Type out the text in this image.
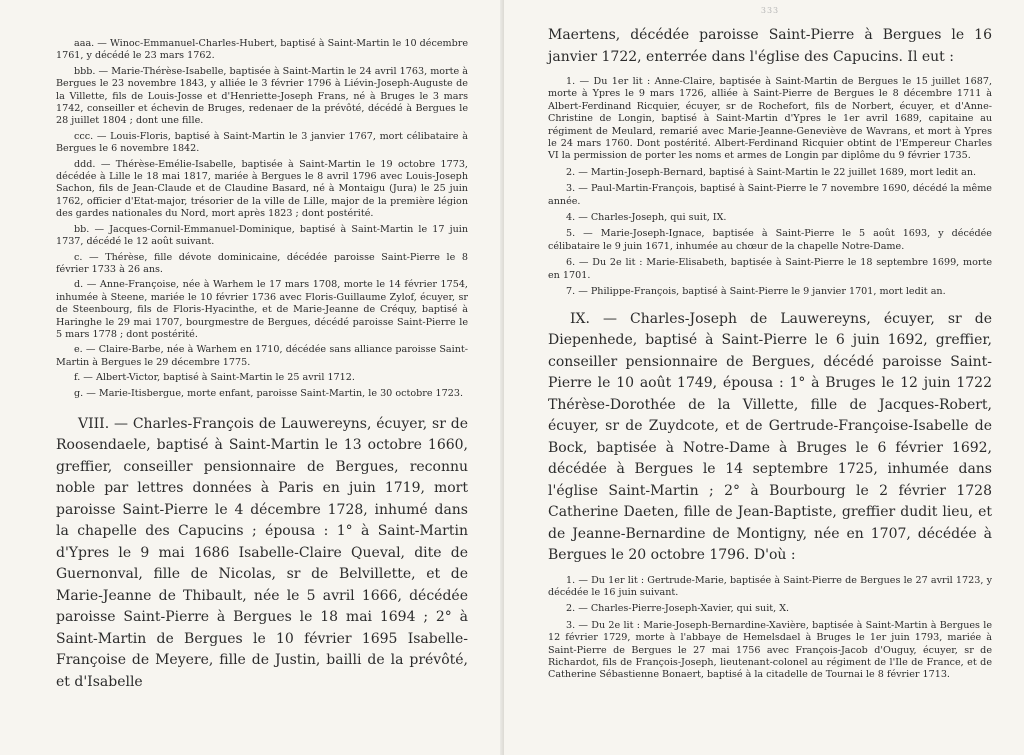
aaa. — Winoc-Emmanuel-Charles-Hubert, baptisé à Saint-Martin le 10 décembre 1761, y décédé le 23 mars 1762.

bbb. — Marie-Thérèse-Isabelle, baptisée à Saint-Martin le 24 avril 1763, morte à Bergues le 23 novembre 1843, y alliée le 3 février 1796 à Liévin-Joseph-Auguste de la Villette, fils de Louis-Josse et d'Henriette-Joseph Frans, né à Bruges le 3 mars 1742, conseiller et échevin de Bruges, redenaer de la prévôté, décédé à Bergues le 28 juillet 1804 ; dont une fille.

ccc. — Louis-Floris, baptisé à Saint-Martin le 3 janvier 1767, mort célibataire à Bergues le 6 novembre 1842.

ddd. — Thérèse-Emélie-Isabelle, baptisée à Saint-Martin le 19 octobre 1773, décédée à Lille le 18 mai 1817, mariée à Bergues le 8 avril 1796 avec Louis-Joseph Sachon, fils de Jean-Claude et de Claudine Basard, né à Montaigu (Jura) le 25 juin 1762, officier d'Etat-major, trésorier de la ville de Lille, major de la première légion des gardes nationales du Nord, mort après 1823 ; dont postérité.

bb. — Jacques-Cornil-Emmanuel-Dominique, baptisé à Saint-Martin le 17 juin 1737, décédé le 12 août suivant.

c. — Thérèse, fille dévote dominicaine, décédée paroisse Saint-Pierre le 8 février 1733 à 26 ans.

d. — Anne-Françoise, née à Warhem le 17 mars 1708, morte le 14 février 1754, inhumée à Steene, mariée le 10 février 1736 avec Floris-Guillaume Zylof, écuyer, sr de Steenbourg, fils de Floris-Hyacinthe, et de Marie-Jeanne de Créquy, baptisé à Haringhe le 29 mai 1707, bourgmestre de Bergues, décédé paroisse Saint-Pierre le 5 mars 1778 ; dont postérité.

e. — Claire-Barbe, née à Warhem en 1710, décédée sans alliance paroisse Saint-Martin à Bergues le 29 décembre 1775.

f. — Albert-Victor, baptisé à Saint-Martin le 25 avril 1712.

g. — Marie-Itisbergue, morte enfant, paroisse Saint-Martin, le 30 octobre 1723.

VIII. — Charles-François de Lauwereyns, écuyer, sr de Roosendaele, baptisé à Saint-Martin le 13 octobre 1660, greffier, conseiller pensionnaire de Bergues, reconnu noble par lettres données à Paris en juin 1719, mort paroisse Saint-Pierre le 4 décembre 1728, inhumé dans la chapelle des Capucins ; épousa : 1° à Saint-Martin d'Ypres le 9 mai 1686 Isabelle-Claire Queval, dite de Guernonval, fille de Nicolas, sr de Belvillette, et de Marie-Jeanne de Thibault, née le 5 avril 1666, décédée paroisse Saint-Pierre à Bergues le 18 mai 1694 ; 2° à Saint-Martin de Bergues le 10 février 1695 Isabelle-Françoise de Meyere, fille de Justin, bailli de la prévôté, et d'Isabelle

333

Maertens, décédée paroisse Saint-Pierre à Bergues le 16 janvier 1722, enterrée dans l'église des Capucins. Il eut :

1. — Du 1er lit : Anne-Claire, baptisée à Saint-Martin de Bergues le 15 juillet 1687, morte à Ypres le 9 mars 1726, alliée à Saint-Pierre de Bergues le 8 décembre 1711 à Albert-Ferdinand Ricquier, écuyer, sr de Rochefort, fils de Norbert, écuyer, et d'Anne-Christine de Longin, baptisé à Saint-Martin d'Ypres le 1er avril 1689, capitaine au régiment de Meulard, remarié avec Marie-Jeanne-Geneviève de Wavrans, et mort à Ypres le 24 mars 1760. Dont postérité. Albert-Ferdinand Ricquier obtint de l'Empereur Charles VI la permission de porter les noms et armes de Longin par diplôme du 9 février 1735.

2. — Martin-Joseph-Bernard, baptisé à Saint-Martin le 22 juillet 1689, mort ledit an.

3. — Paul-Martin-François, baptisé à Saint-Pierre le 7 novembre 1690, décédé la même année.

4. — Charles-Joseph, qui suit, IX.

5. — Marie-Joseph-Ignace, baptisée à Saint-Pierre le 5 août 1693, y décédée célibataire le 9 juin 1671, inhumée au chœur de la chapelle Notre-Dame.

6. — Du 2e lit : Marie-Elisabeth, baptisée à Saint-Pierre le 18 septembre 1699, morte en 1701.

7. — Philippe-François, baptisé à Saint-Pierre le 9 janvier 1701, mort ledit an.

IX. — Charles-Joseph de Lauwereyns, écuyer, sr de Diepenhede, baptisé à Saint-Pierre le 6 juin 1692, greffier, conseiller pensionnaire de Bergues, décédé paroisse Saint-Pierre le 10 août 1749, épousa : 1° à Bruges le 12 juin 1722 Thérèse-Dorothée de la Villette, fille de Jacques-Robert, écuyer, sr de Zuydcote, et de Gertrude-Françoise-Isabelle de Bock, baptisée à Notre-Dame à Bruges le 6 février 1692, décédée à Bergues le 14 septembre 1725, inhumée dans l'église Saint-Martin ; 2° à Bourbourg le 2 février 1728 Catherine Daeten, fille de Jean-Baptiste, greffier dudit lieu, et de Jeanne-Bernardine de Montigny, née en 1707, décédée à Bergues le 20 octobre 1796. D'où :

1. — Du 1er lit : Gertrude-Marie, baptisée à Saint-Pierre de Bergues le 27 avril 1723, y décédée le 16 juin suivant.

2. — Charles-Pierre-Joseph-Xavier, qui suit, X.

3. — Du 2e lit : Marie-Joseph-Bernardine-Xavière, baptisée à Saint-Martin à Bergues le 12 février 1729, morte à l'abbaye de Hemelsdael à Bruges le 1er juin 1793, mariée à Saint-Pierre de Bergues le 27 mai 1756 avec François-Jacob d'Ouguy, écuyer, sr de Richardot, fils de François-Joseph, lieutenant-colonel au régiment de l'Ile de France, et de Catherine Sébastienne Bonaert, baptisé à la citadelle de Tournai le 8 février 1713.
